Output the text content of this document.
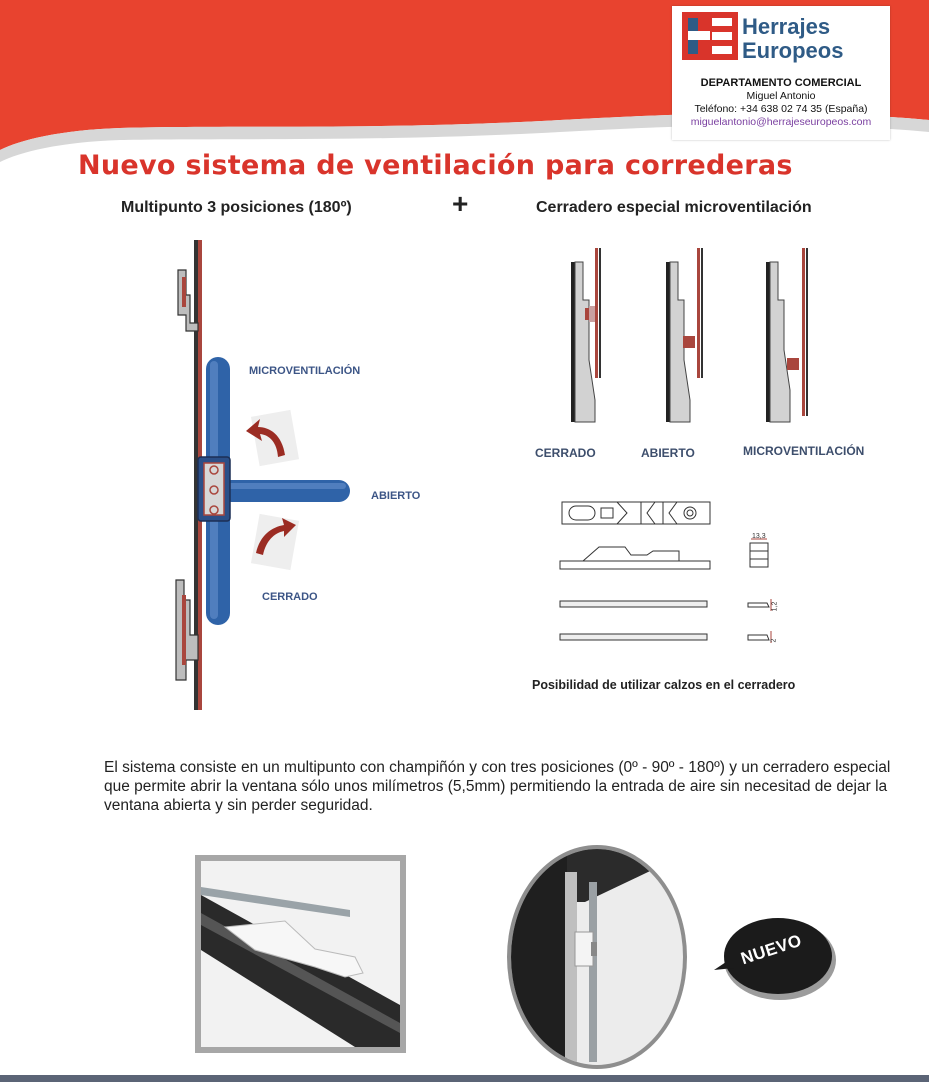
Herrajes
Europeos
DEPARTAMENTO COMERCIAL
Miguel Antonio
Teléfono: +34 638 02 74 35 (España)
miguelantonio@herrajeseuropeos.com
Nuevo sistema de ventilación para correderas
Multipunto 3 posiciones (180º)	+	Cerradero especial microventilación
MICROVENTILACIÓN
ABIERTO
CERRADO
CERRADO	ABIERTO	MICROVENTILACIÓN
13,3
1,2
2
Posibilidad de utilizar calzos en el cerradero
El sistema consiste en un multipunto con champiñón y con tres posiciones (0º - 90º - 180º) y un cerradero especial que permite abrir la ventana sólo unos milímetros (5,5mm) permitiendo la entrada de aire sin necesitad de dejar la ventana abierta y sin perder seguridad.
NUEVO
